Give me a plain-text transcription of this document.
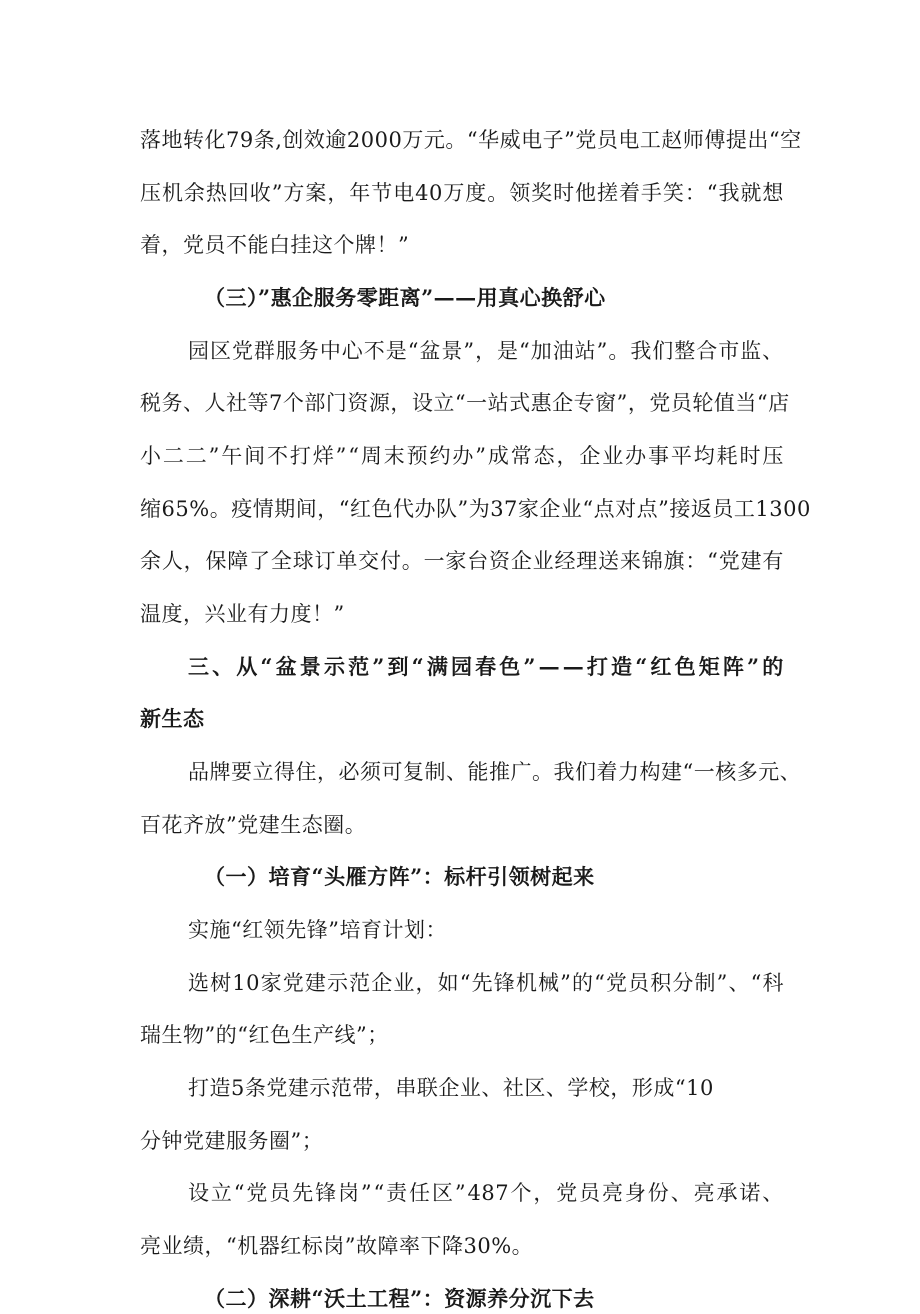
落 地 转 化 79 条 , 创 效 逾 2000 万 元 。 “ 华 威 电 子 ” 党 员 电 工 赵 师 傅 提 出 “ 空
压 机 余 热 回 收 ” 方 案 ， 年 节 电 40 万 度 。 领 奖 时 他 搓 着 手 笑 ： “ 我 就 想
着，党员不能白挂这个牌！”
（三）”惠企服务零距离”——用真心换舒心
园 区 党 群 服 务 中 心 不 是 “ 盆 景 ” ， 是 “ 加 油 站 ” 。 我 们 整 合 市 监 、
税 务 、 人 社 等 7 个 部 门 资 源 ， 设 立 “ 一 站 式 惠 企 专 窗 ” ， 党 员 轮 值 当 “ 店
小 二 二 ” 午 间 不 打 烊 ” “ 周 末 预 约 办 ” 成 常 态 ， 企 业 办 事 平 均 耗 时 压
缩 65% 。 疫 情 期 间 ， “ 红 色 代 办 队 ” 为 37 家 企 业 “ 点 对 点 ” 接 返 员 工 1300
余 人 ， 保 障 了 全 球 订 单 交 付 。 一 家 台 资 企 业 经 理 送 来 锦 旗 ： “ 党 建 有
温度，兴业有力度！”
三 、 从 “ 盆 景 示 范 ” 到 “ 满 园 春 色 ” — — 打 造 “ 红 色 矩 阵 ” 的
新生态
品 牌 要 立 得 住 ， 必 须 可 复 制 、 能 推 广 。 我 们 着 力 构 建 “ 一 核 多 元 、
百花齐放”党建生态圈。
（一）培育“头雁方阵”：标杆引领树起来
实施“红领先锋”培育计划：
选 树 10 家 党 建 示 范 企 业 ， 如 “ 先 锋 机 械 ” 的 “ 党 员 积 分 制 ” 、 “ 科
瑞生物”的“红色生产线”；
打造5条党建示范带，串联企业、社区、学校，形成“10
分钟党建服务圈”；
设 立 “ 党 员 先 锋 岗 ” “ 责 任 区 ” 487 个 ， 党 员 亮 身 份 、 亮 承 诺 、
亮业绩，“机器红标岗”故障率下降30%。
（二）深耕“沃土工程”：资源养分沉下去
